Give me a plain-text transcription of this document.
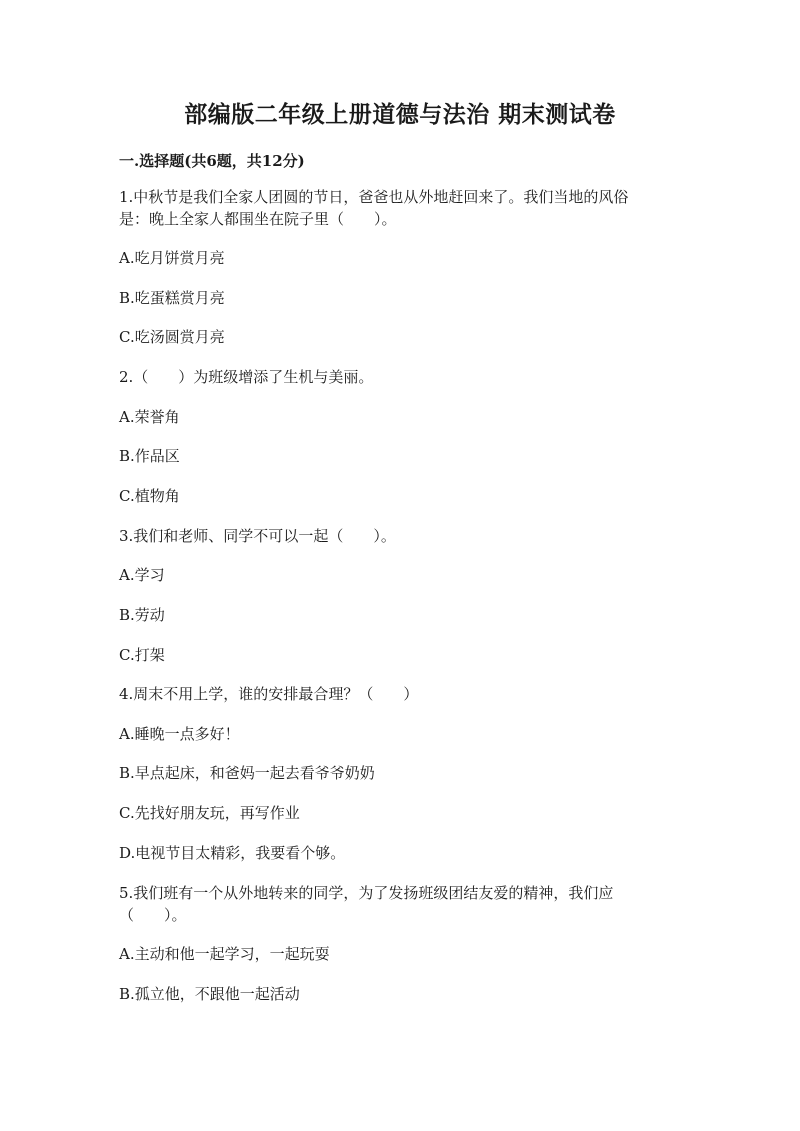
部编版二年级上册道德与法治 期末测试卷
一.选择题(共6题，共12分)
1.中秋节是我们全家人团圆的节日，爸爸也从外地赶回来了。我们当地的风俗
是：晚上全家人都围坐在院子里（　　）。
A.吃月饼赏月亮
B.吃蛋糕赏月亮
C.吃汤圆赏月亮
2.（　　）为班级增添了生机与美丽。
A.荣誉角
B.作品区
C.植物角
3.我们和老师、同学不可以一起（　　）。
A.学习
B.劳动
C.打架
4.周末不用上学，谁的安排最合理？（　　）
A.睡晚一点多好！
B.早点起床，和爸妈一起去看爷爷奶奶
C.先找好朋友玩，再写作业
D.电视节目太精彩，我要看个够。
5.我们班有一个从外地转来的同学，为了发扬班级团结友爱的精神，我们应
（　　）。
A.主动和他一起学习，一起玩耍
B.孤立他，不跟他一起活动
